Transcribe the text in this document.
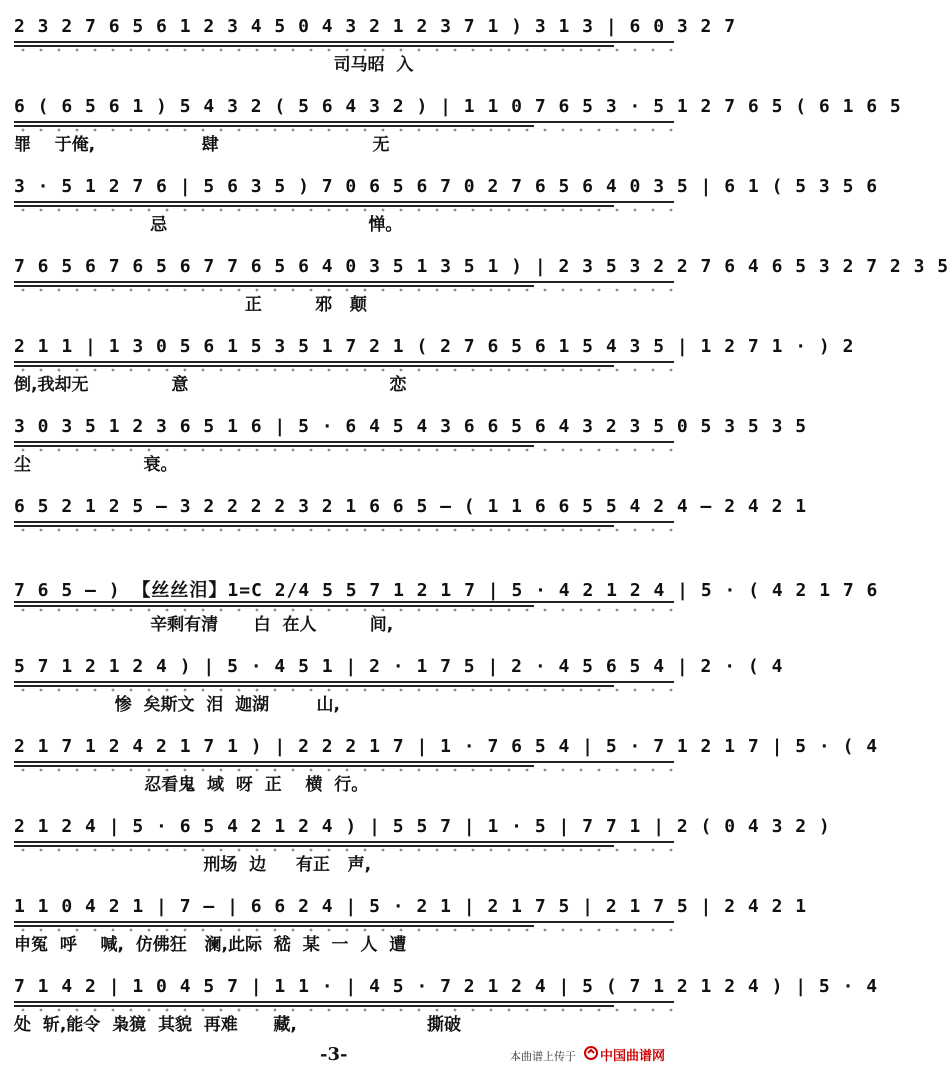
2 3 2 7 6 5 6 1 2 3 4 5 0 4 3 2 1 2 3 7 1 ) 3 1 3 | 6 0 3 2 7
司马昭  入
6 ( 6 5 6 1 ) 5 4 3 2 ( 5 6 4 3 2 ) | 1 1 0 7 6 5 3 · 5 1 2 7 6 5 ( 6 1 6 5
罪    于俺,                  肆                          无
3 · 5 1 2 7 6 | 5 6 3 5 ) 7 0 6 5 6 7 0 2 7 6 5 6 4 0 3 5 | 6 1 ( 5 3 5 6
忌                                  惮。
7 6 5 6 7 6 5 6 7 7 6 5 6 4 0 3 5 1 3 5 1 ) | 2 3 5 3 2 2 7 6 4 6 5 3 2 7 2 3 5
正         邪   颠
2 1 1 | 1 3 0 5 6 1 5 3 5 1 7 2 1 ( 2 7 6 5 6 1 5 4 3 5 | 1 2 7 1 · ) 2
倒,我却无              意                                  恋
3 0 3 5 1 2 3 6 5 1 6 | 5 · 6 4 5 4 3 6 6 5 6 4 3 2 3 5 0 5 3 5 3 5
尘                   衰。
6 5 2 1 2 5 — 3 2 2 2 2 3 2 1 6 6 5 — ( 1 1 6 6 5 5 4 2 4 — 2 4 2 1
7 6 5 — ) 【丝丝泪】1=C 2/4 5 5 7 1 2 1 7 | 5 · 4 2 1 2 4 | 5 · ( 4 2 1 7 6
辛剩有清      白  在人         间,
5 7 1 2 1 2 4 ) | 5 · 4 5 1 | 2 · 1 7 5 | 2 · 4 5 6 5 4 | 2 · ( 4
惨  矣斯文  泪  迦湖        山,
2 1 7 1 2 4 2 1 7 1 ) | 2 2 2 1 7 | 1 · 7 6 5 4 | 5 · 7 1 2 1 7 | 5 · ( 4
忍看鬼  域  呀  正    横  行。
2 1 2 4 | 5 · 6 5 4 2 1 2 4 ) | 5 5 7 | 1 · 5 | 7 7 1 | 2 ( 0 4 3 2 )
刑场  边     有正   声,
1 1 0 4 2 1 | 7 — | 6 6 2 4 | 5 · 2 1 | 2 1 7 5 | 2 1 7 5 | 2 4 2 1
申冤  呼    喊,  仿佛狂   澜,此际  嵇  某  一  人  遭
7 1 4 2 | 1 0 4 5 7 | 1 1 · | 4 5 · 7 2 1 2 4 | 5 ( 7 1 2 1 2 4 ) | 5 · 4
处  斩,能令  枭獍  其貌  再难      藏,                      撕破
-3-	本曲谱上传于 中国曲谱网
